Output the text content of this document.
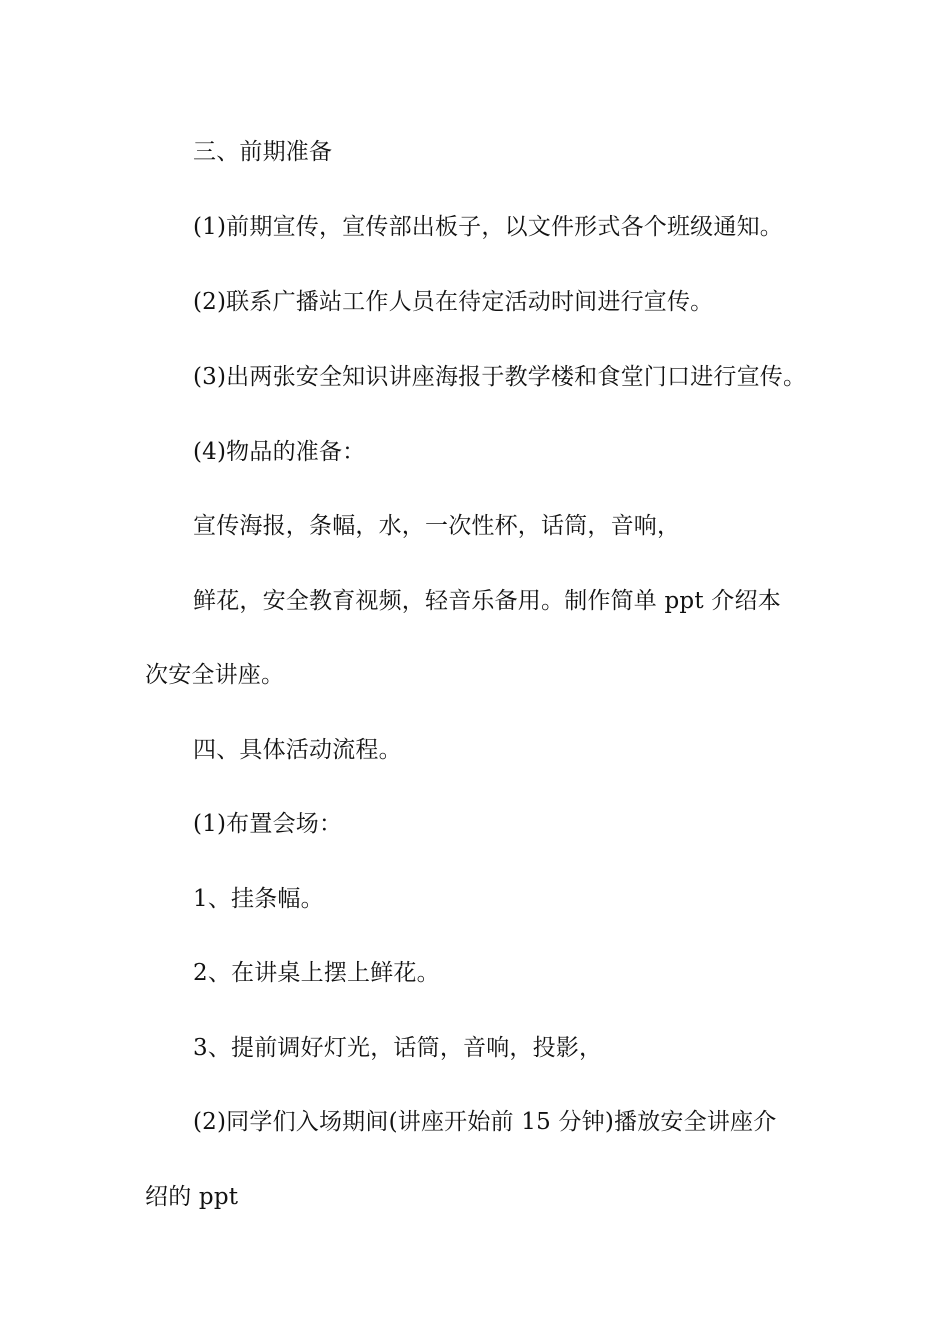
三、前期准备
(1)前期宣传，宣传部出板子，以文件形式各个班级通知。
(2)联系广播站工作人员在待定活动时间进行宣传。
(3)出两张安全知识讲座海报于教学楼和食堂门口进行宣传。
(4)物品的准备：
宣传海报，条幅，水，一次性杯，话筒，音响，
鲜花，安全教育视频，轻音乐备用。制作简单 ppt 介绍本
次安全讲座。
四、具体活动流程。
(1)布置会场：
1、挂条幅。
2、在讲桌上摆上鲜花。
3、提前调好灯光，话筒，音响，投影，
(2)同学们入场期间(讲座开始前 15 分钟)播放安全讲座介
绍的 ppt
